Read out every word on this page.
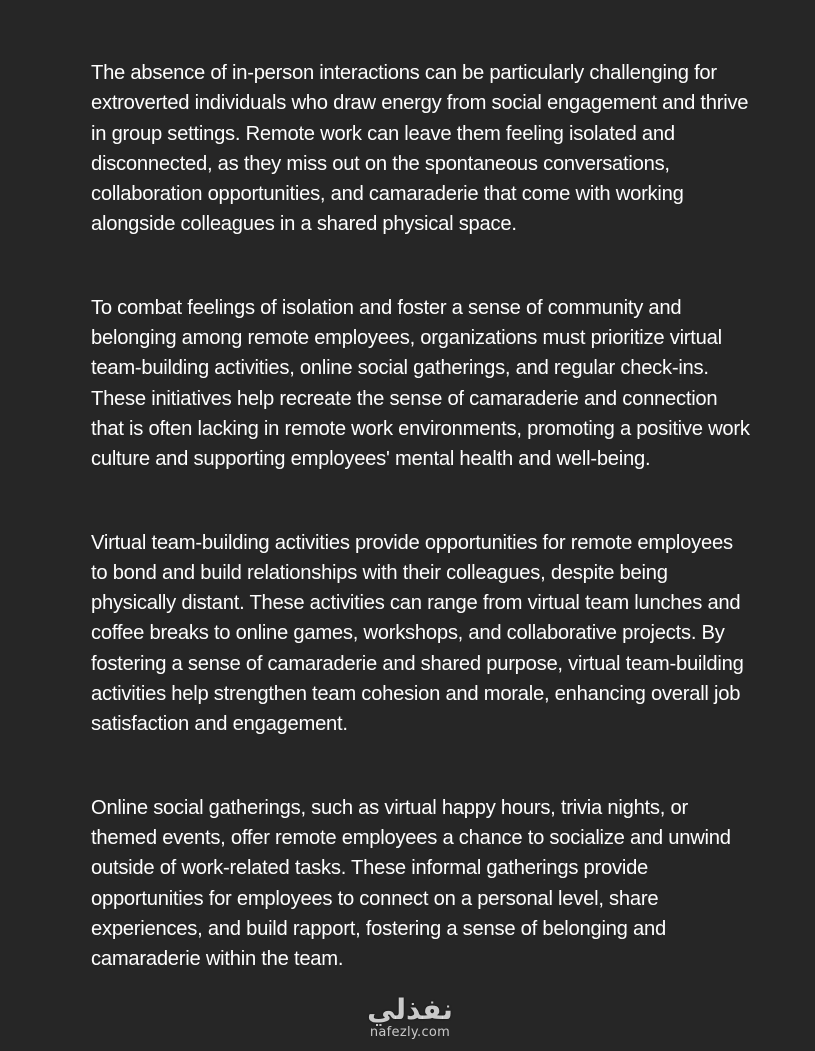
The absence of in-person interactions can be particularly challenging for extroverted individuals who draw energy from social engagement and thrive in group settings. Remote work can leave them feeling isolated and disconnected, as they miss out on the spontaneous conversations, collaboration opportunities, and camaraderie that come with working alongside colleagues in a shared physical space.

To combat feelings of isolation and foster a sense of community and belonging among remote employees, organizations must prioritize virtual team-building activities, online social gatherings, and regular check-ins. These initiatives help recreate the sense of camaraderie and connection that is often lacking in remote work environments, promoting a positive work culture and supporting employees' mental health and well-being.

Virtual team-building activities provide opportunities for remote employees to bond and build relationships with their colleagues, despite being physically distant. These activities can range from virtual team lunches and coffee breaks to online games, workshops, and collaborative projects. By fostering a sense of camaraderie and shared purpose, virtual team-building activities help strengthen team cohesion and morale, enhancing overall job satisfaction and engagement.

Online social gatherings, such as virtual happy hours, trivia nights, or themed events, offer remote employees a chance to socialize and unwind outside of work-related tasks. These informal gatherings provide opportunities for employees to connect on a personal level, share experiences, and build rapport, fostering a sense of belonging and camaraderie within the team.

نفذلي
nafezly.com
